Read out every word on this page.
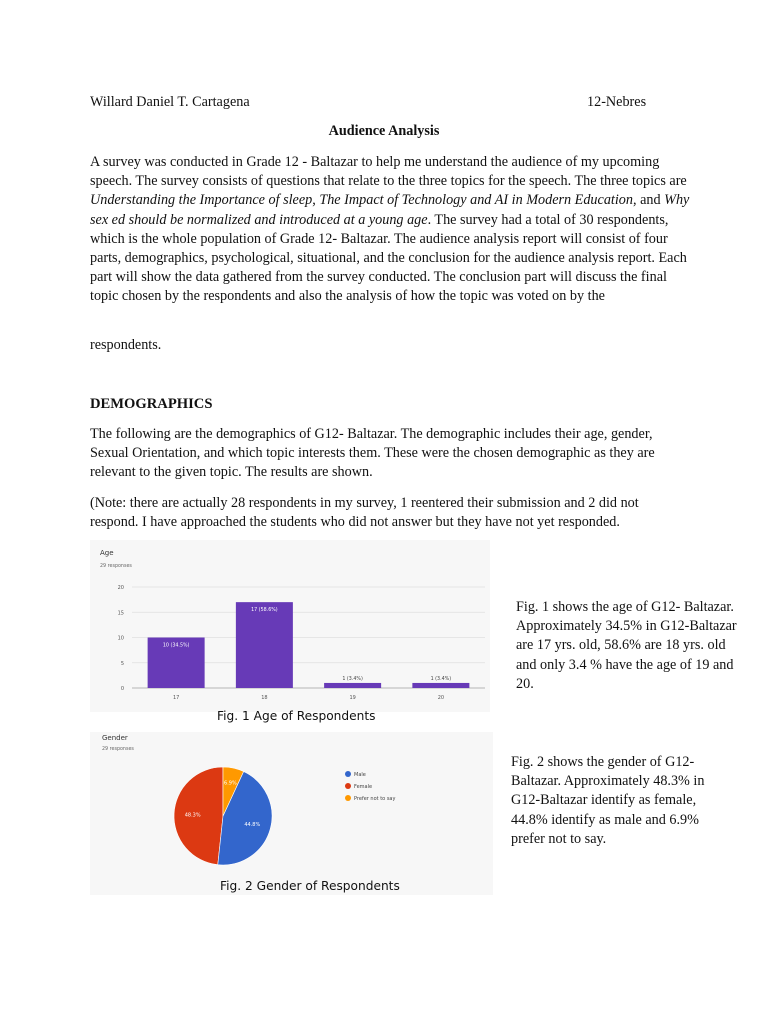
Willard Daniel T. Cartagena	12-Nebres
Audience Analysis
A survey was conducted in Grade 12 - Baltazar to help me understand the audience of my upcoming speech. The survey consists of questions that relate to the three topics for the speech. The three topics are Understanding the Importance of sleep, The Impact of Technology and AI in Modern Education, and Why sex ed should be normalized and introduced at a young age. The survey had a total of 30 respondents, which is the whole population of Grade 12- Baltazar. The audience analysis report will consist of four parts, demographics, psychological, situational, and the conclusion for the audience analysis report. Each part will show the data gathered from the survey conducted. The conclusion part will discuss the final topic chosen by the respondents and also the analysis of how the topic was voted on by the
respondents.
DEMOGRAPHICS
The following are the demographics of G12- Baltazar. The demographic includes their age, gender, Sexual Orientation, and which topic interests them. These were the chosen demographic as they are relevant to the given topic. The results are shown.
(Note: there are actually 28 respondents in my survey, 1 reentered their submission and 2 did not respond. I have approached the students who did not answer but they have not yet responded.
Age
29 responses
0
5
10
15
20
10 (34.5%)
17
17 (58.6%)
18
1 (3.4%)
19
1 (3.4%)
20
Fig. 1 Age of Respondents
Fig. 1 shows the age of G12- Baltazar. Approximately 34.5% in G12-Baltazar are 17 yrs. old, 58.6% are 18 yrs. old and only 3.4 % have the age of 19 and 20.
Gender
29 responses
48.3%
44.8%
6.9%
Male
Female
Prefer not to say
Fig. 2 Gender of Respondents
Fig. 2 shows the gender of G12-Baltazar. Approximately 48.3% in G12-Baltazar identify as female, 44.8% identify as male and 6.9% prefer not to say.
